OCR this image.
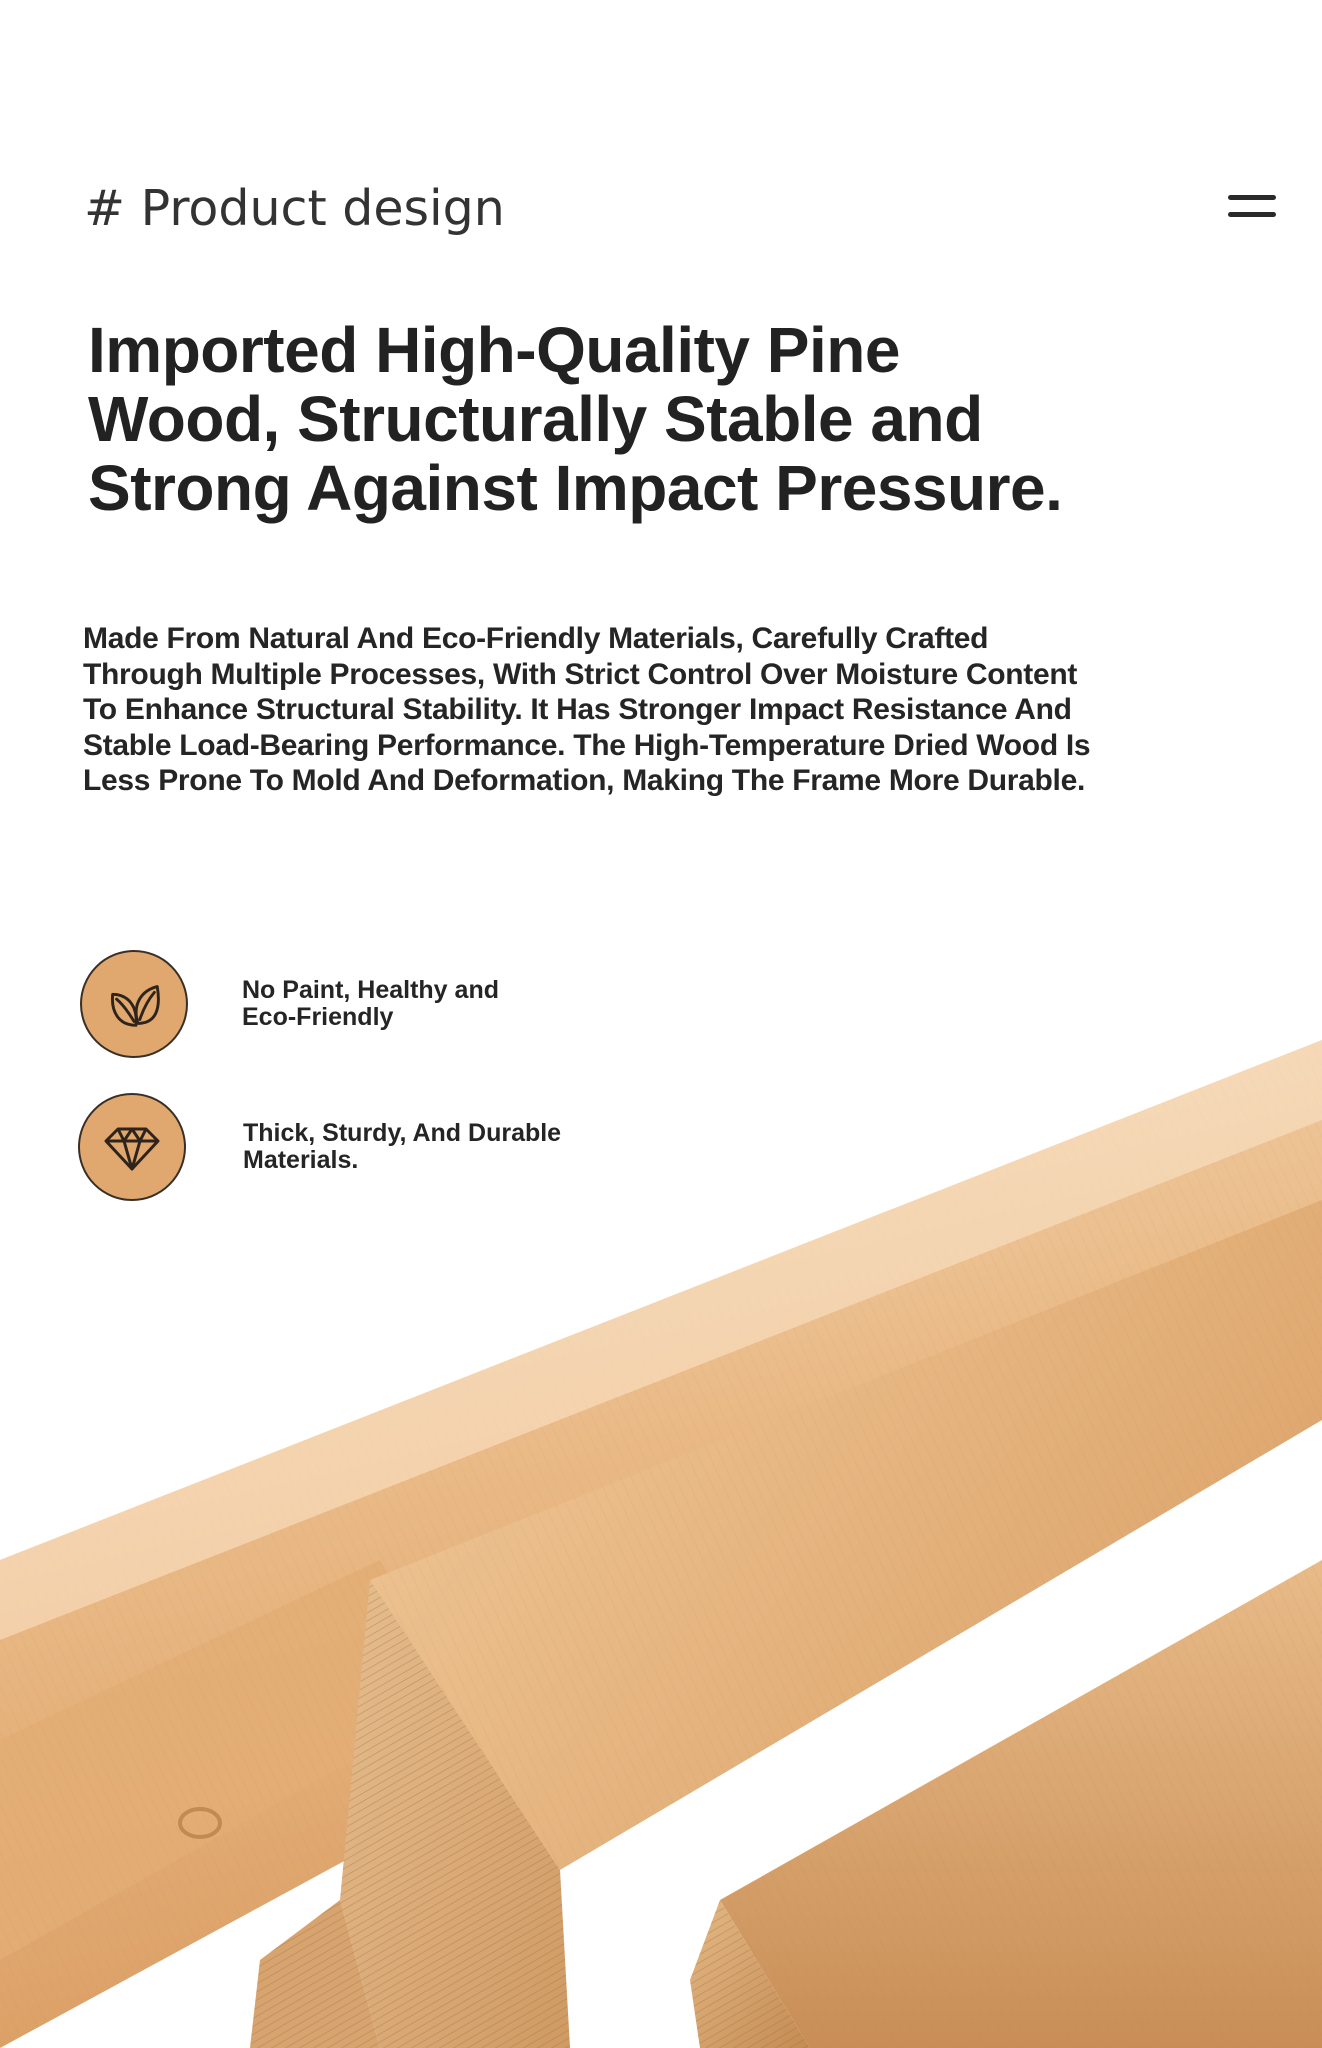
# Product design
Imported High-Quality Pine
Wood, Structurally Stable and
Strong Against Impact Pressure.

Made From Natural And Eco-Friendly Materials, Carefully Crafted
Through Multiple Processes, With Strict Control Over Moisture Content
To Enhance Structural Stability. It Has Stronger Impact Resistance And
Stable Load-Bearing Performance. The High-Temperature Dried Wood Is
Less Prone To Mold And Deformation, Making The Frame More Durable.

No Paint, Healthy and
Eco-Friendly
Thick, Sturdy, And Durable
Materials.
